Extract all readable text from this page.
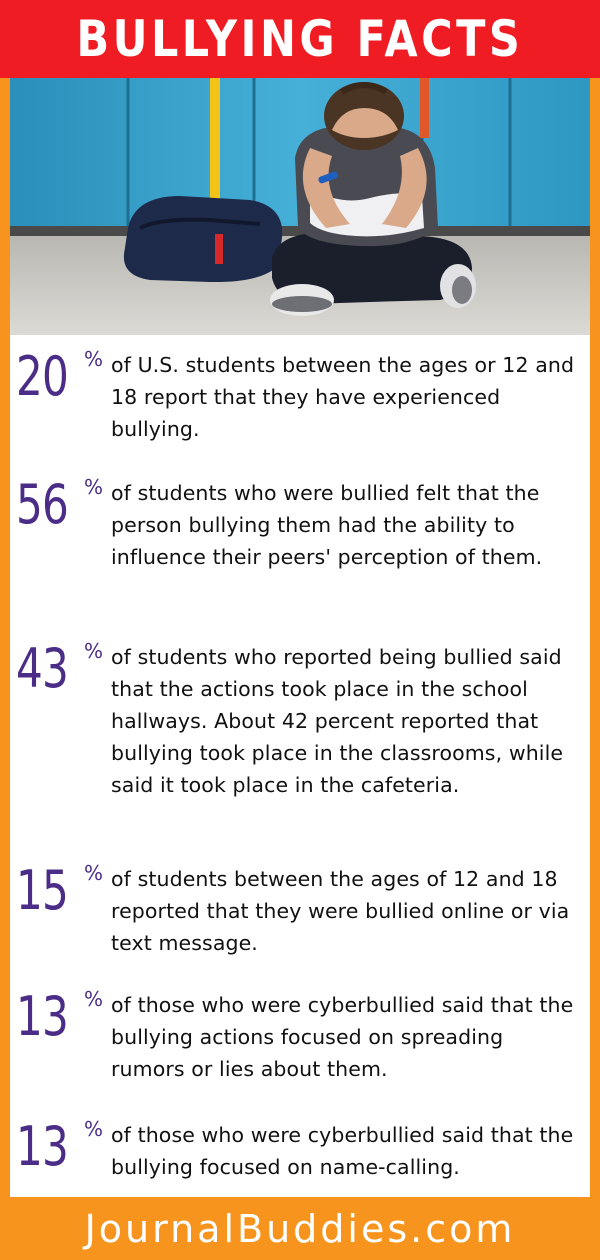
BULLYING FACTS
20 % of U.S. students between the ages or 12 and 18 report that they have experienced bullying.
56 % of students who were bullied felt that the person bullying them had the ability to influence their peers' perception of them.
43 % of students who reported being bullied said that the actions took place in the school hallways. About 42 percent reported that bullying took place in the classrooms, while said it took place in the cafeteria.
15 % of students between the ages of 12 and 18 reported that they were bullied online or via text message.
13 % of those who were cyberbullied said that the bullying actions focused on spreading rumors or lies about them.
13 % of those who were cyberbullied said that the bullying focused on name-calling.
JournalBuddies.com
